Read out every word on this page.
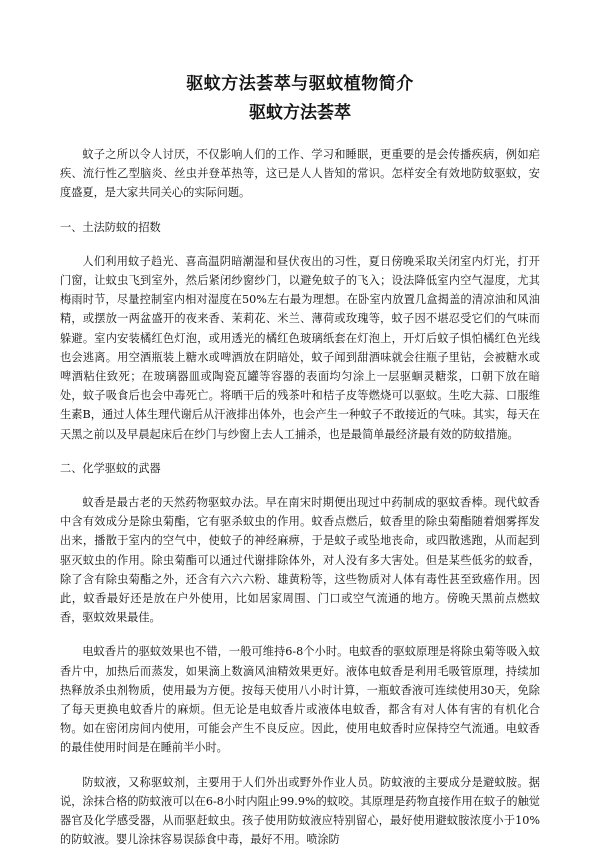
驱蚊方法荟萃与驱蚊植物简介
驱蚊方法荟萃

蚊子之所以令人讨厌，不仅影响人们的工作、学习和睡眠，更重要的是会传播疾病，例如疟疾、流行性乙型脑炎、丝虫并登革热等，这已是人人皆知的常识。怎样安全有效地防蚊驱蚊，安度盛夏，是大家共同关心的实际问题。

一、土法防蚊的招数

人们利用蚊子趋光、喜高温阴暗潮湿和昼伏夜出的习性，夏日傍晚采取关闭室内灯光，打开门窗，让蚊虫飞到室外，然后紧闭纱窗纱门，以避免蚊子的飞入；设法降低室内空气湿度，尤其梅雨时节，尽量控制室内相对湿度在50%左右最为理想。在卧室内放置几盒揭盖的清凉油和风油精，或摆放一两盆盛开的夜来香、茉莉花、米兰、薄荷或玫瑰等，蚊子因不堪忍受它们的气味而躲避。室内安装橘红色灯泡，或用透光的橘红色玻璃纸套在灯泡上，开灯后蚊子惧怕橘红色光线也会逃离。用空酒瓶装上糖水或啤酒放在阴暗处，蚊子闻到甜酒味就会往瓶子里钻，会被糖水或啤酒粘住致死；在玻璃器皿或陶瓷瓦罐等容器的表面均匀涂上一层驱蛔灵糖浆，口朝下放在暗处，蚊子吸食后也会中毒死亡。将晒干后的残茶叶和桔子皮等燃烧可以驱蚊。生吃大蒜、口服维生素B，通过人体生理代谢后从汗液排出体外，也会产生一种蚊子不敢接近的气味。其实，每天在天黑之前以及早晨起床后在纱门与纱窗上去人工捕杀，也是最简单最经济最有效的防蚊措施。

二、化学驱蚊的武器

蚊香是最古老的天然药物驱蚊办法。早在南宋时期便出现过中药制成的驱蚊香棒。现代蚊香中含有效成分是除虫菊酯，它有驱杀蚊虫的作用。蚊香点燃后，蚊香里的除虫菊酯随着烟雾挥发出来，播散于室内的空气中，使蚊子的神经麻痹，于是蚊子或坠地丧命，或四散逃跑，从而起到驱灭蚊虫的作用。除虫菊酯可以通过代谢排除体外，对人没有多大害处。但是某些低劣的蚊香，除了含有除虫菊酯之外，还含有六六六粉、雄黄粉等，这些物质对人体有毒性甚至致癌作用。因此，蚊香最好还是放在户外使用，比如居家周围、门口或空气流通的地方。傍晚天黑前点燃蚊香，驱蚊效果最佳。

电蚊香片的驱蚊效果也不错，一般可维持6-8个小时。电蚊香的驱蚊原理是将除虫菊等吸入蚊香片中，加热后而蒸发，如果滴上数滴风油精效果更好。液体电蚊香是利用毛吸管原理，持续加热释放杀虫剂物质，使用最为方便。按每天使用八小时计算，一瓶蚊香液可连续使用30天，免除了每天更换电蚊香片的麻烦。但无论是电蚊香片或液体电蚊香，都含有对人体有害的有机化合物。如在密闭房间内使用，可能会产生不良反应。因此，使用电蚊香时应保持空气流通。电蚊香的最佳使用时间是在睡前半小时。

防蚊液，又称驱蚊剂，主要用于人们外出或野外作业人员。防蚊液的主要成分是避蚊胺。据说，涂抹合格的防蚊液可以在6-8小时内阻止99.9%的蚊咬。其原理是药物直接作用在蚊子的触觉器官及化学感受器，从而驱赶蚊虫。孩子使用防蚊液应特别留心，最好使用避蚊胺浓度小于10%的防蚊液。婴儿涂抹容易误舔食中毒，最好不用。喷涂防
